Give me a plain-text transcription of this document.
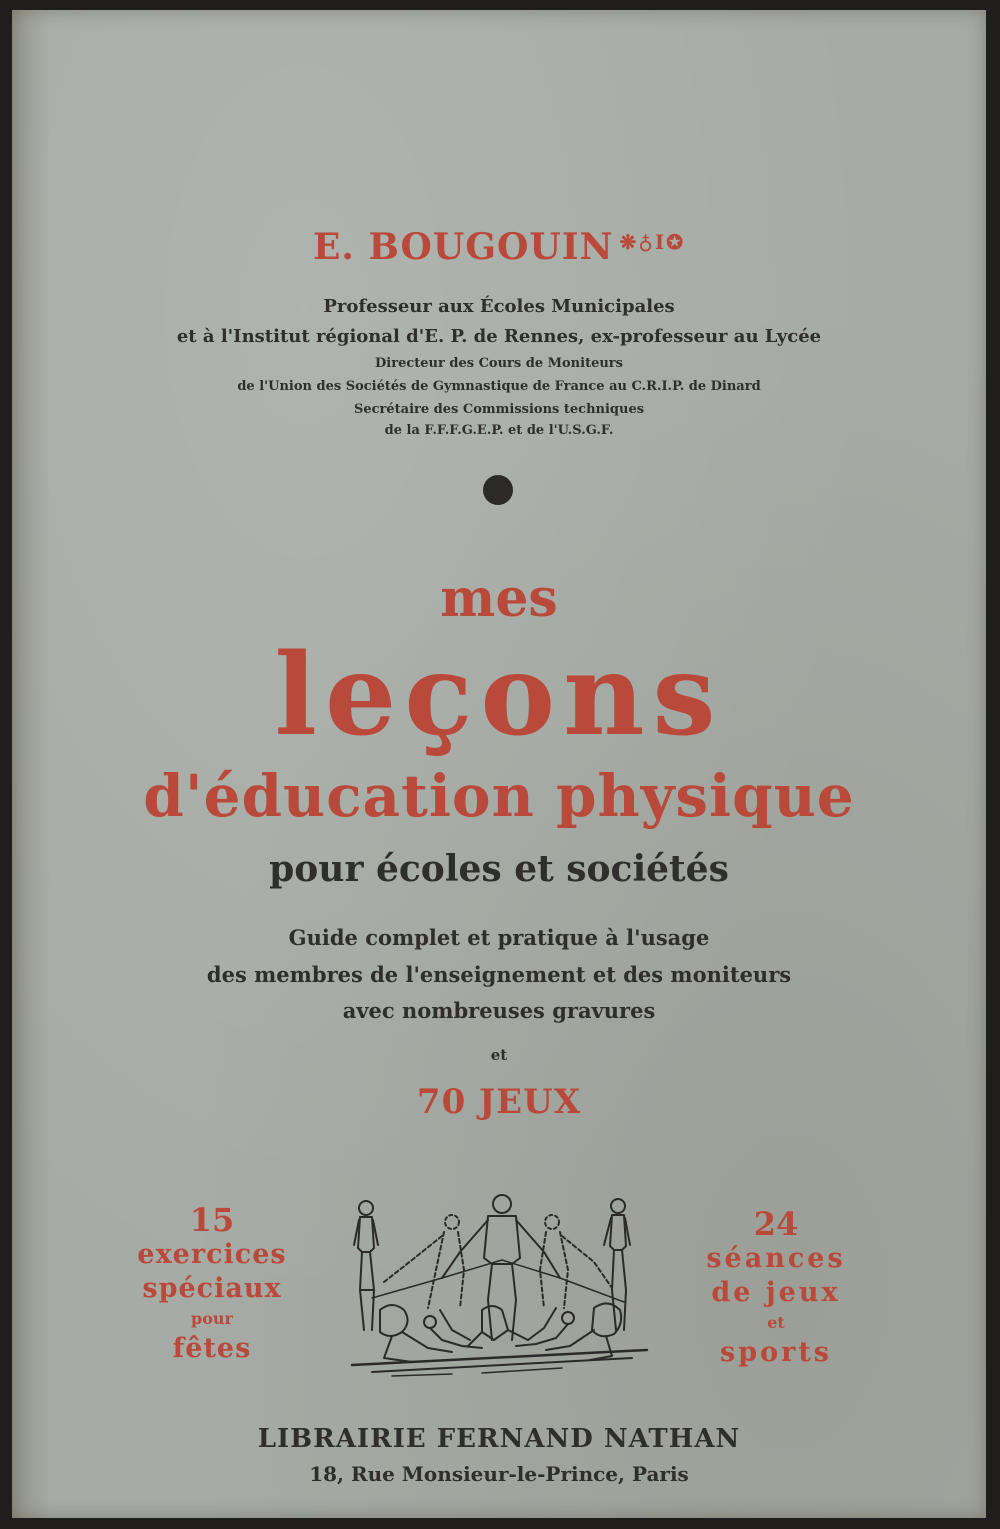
E. BOUGOUIN $^{❋♁I✪}$
Professeur aux Écoles Municipales
et à l'Institut régional d'E. P. de Rennes, ex-professeur au Lycée
Directeur des Cours de Moniteurs
de l'Union des Sociétés de Gymnastique de France au C.R.I.P. de Dinard
Secrétaire des Commissions techniques
de la F.F.F.G.E.P. et de l'U.S.G.F.
mes
leçons
d'éducation physique
pour écoles et sociétés
Guide complet et pratique à l'usage
des membres de l'enseignement et des moniteurs
avec nombreuses gravures
et
70 JEUX
15
exercices
spéciaux
pour
fêtes
24
séances
de jeux
et
sports
LIBRAIRIE FERNAND NATHAN
18, Rue Monsieur-le-Prince, Paris
